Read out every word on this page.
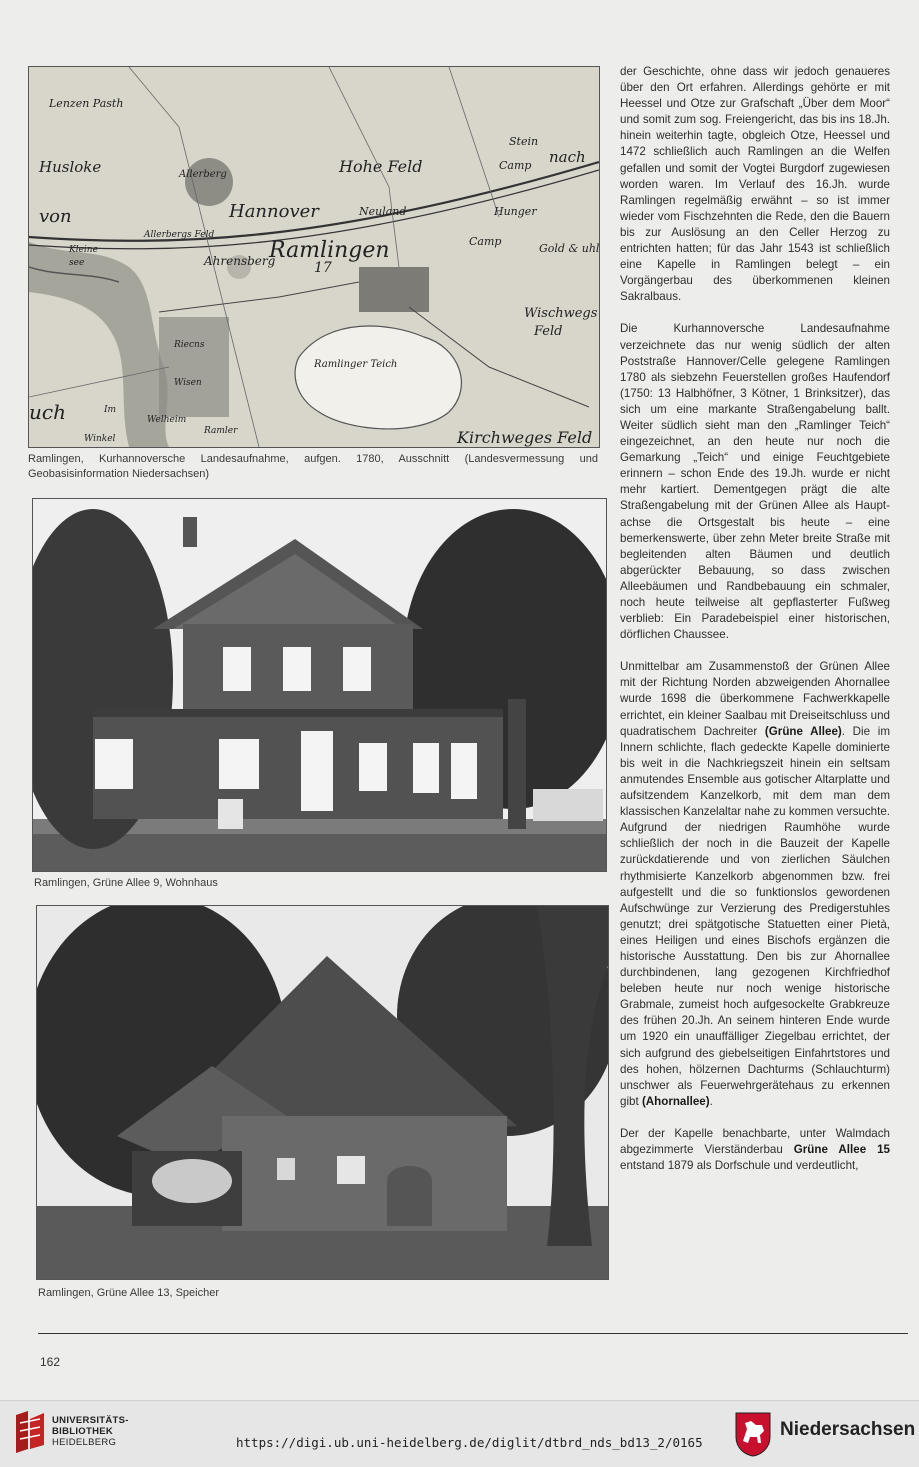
Lenzen Pasth
Husloke	Hohe Feld
Stein
Camp nach
Allerberg
von	Hannover	Neuland	Hunger
Ramlingen
17
Camp
Gold & uhl
Allerbergs Feld
Kleine
see	Ahrensberg
Wischwegs
Feld
Riecns
Wisen
Ramlinger Teich
uch	Im
Winkel
Welheim
Ramler	Kirchweges Feld
Ramlingen, Kurhannoversche Landesaufnahme, aufgen. 1780, Ausschnitt (Landesvermessung und Geobasisinformation Niedersachsen)
Ramlingen, Grüne Allee 9, Wohnhaus
Ramlingen, Grüne Allee 13, Speicher

der Geschichte, ohne dass wir jedoch genaueres über den Ort erfahren. Allerdings gehörte er mit Heessel und Otze zur Grafschaft „Über dem Moor“ und somit zum sog. Freiengericht, das bis ins 18.Jh. hinein weiterhin tagte, obgleich Otze, Heessel und 1472 schließlich auch Ramlingen an die Welfen gefallen und somit der Vogtei Burgdorf zugewiesen worden waren. Im Verlauf des 16.Jh. wurde Ramlingen regelmäßig erwähnt – so ist immer wieder vom Fischzehnten die Rede, den die Bauern bis zur Auslösung an den Celler Herzog zu entrichten hatten; für das Jahr 1543 ist schließlich eine Kapelle in Ramlingen belegt – ein Vorgängerbau des überkommenen kleinen Sakralbaus.

Die Kurhannoversche Landesaufnahme verzeichnete das nur wenig südlich der alten Poststraße Hannover/Celle gelegene Ramlingen 1780 als siebzehn Feuerstellen großes Haufendorf (1750: 13 Halbhöfner, 3 Kötner, 1 Brinksitzer), das sich um eine markante Straßengabelung ballt. Weiter südlich sieht man den „Ramlinger Teich“ eingezeichnet, an den heute nur noch die Gemarkung „Teich“ und einige Feuchtgebiete erinnern – schon Ende des 19.Jh. wurde er nicht mehr kartiert. Dementgegen prägt die alte Straßengabelung mit der Grünen Allee als Hauptachse die Ortsgestalt bis heute – eine bemerkenswerte, über zehn Meter breite Straße mit begleitenden alten Bäumen und deutlich abgerückter Bebauung, so dass zwischen Alleebäumen und Randbebauung ein schmaler, noch heute teilweise alt gepflasterter Fußweg verblieb: Ein Paradebeispiel einer historischen, dörflichen Chaussee.

Unmittelbar am Zusammenstoß der Grünen Allee mit der Richtung Norden abzweigenden Ahornallee wurde 1698 die überkommene Fachwerkkapelle errichtet, ein kleiner Saalbau mit Dreiseitschluss und quadratischem Dachreiter (Grüne Allee). Die im Innern schlichte, flach gedeckte Kapelle dominierte bis weit in die Nachkriegszeit hinein ein seltsam anmutendes Ensemble aus gotischer Altarplatte und aufsitzendem Kanzelkorb, mit dem man dem klassischen Kanzelaltar nahe zu kommen versuchte. Aufgrund der niedrigen Raumhöhe wurde schließlich der noch in die Bauzeit der Kapelle zurückdatierende und von zierlichen Säulchen rhythmisierte Kanzelkorb abgenommen bzw. frei aufgestellt und die so funktionslos gewordenen Aufschwünge zur Verzierung des Predigerstuhles genutzt; drei spätgotische Statuetten einer Pietà, eines Heiligen und eines Bischofs ergänzen die historische Ausstattung. Den bis zur Ahornallee durchbindenen, lang gezogenen Kirchfriedhof beleben heute nur noch wenige historische Grabmale, zumeist hoch aufgesockelte Grabkreuze des frühen 20.Jh. An seinem hinteren Ende wurde um 1920 ein unauffälliger Ziegelbau errichtet, der sich aufgrund des giebelseitigen Einfahrtstores und des hohen, hölzernen Dachturms (Schlauchturm) unschwer als Feuerwehrgerätehaus zu erkennen gibt (Ahornallee).

Der der Kapelle benachbarte, unter Walmdach abgezimmerte Vierständerbau Grüne Allee 15 entstand 1879 als Dorfschule und verdeutlicht,

162
UNIVERSITÄTS-
BIBLIOTHEK
HEIDELBERG	https://digi.ub.uni-heidelberg.de/diglit/dtbrd_nds_bd13_2/0165
Niedersachsen
